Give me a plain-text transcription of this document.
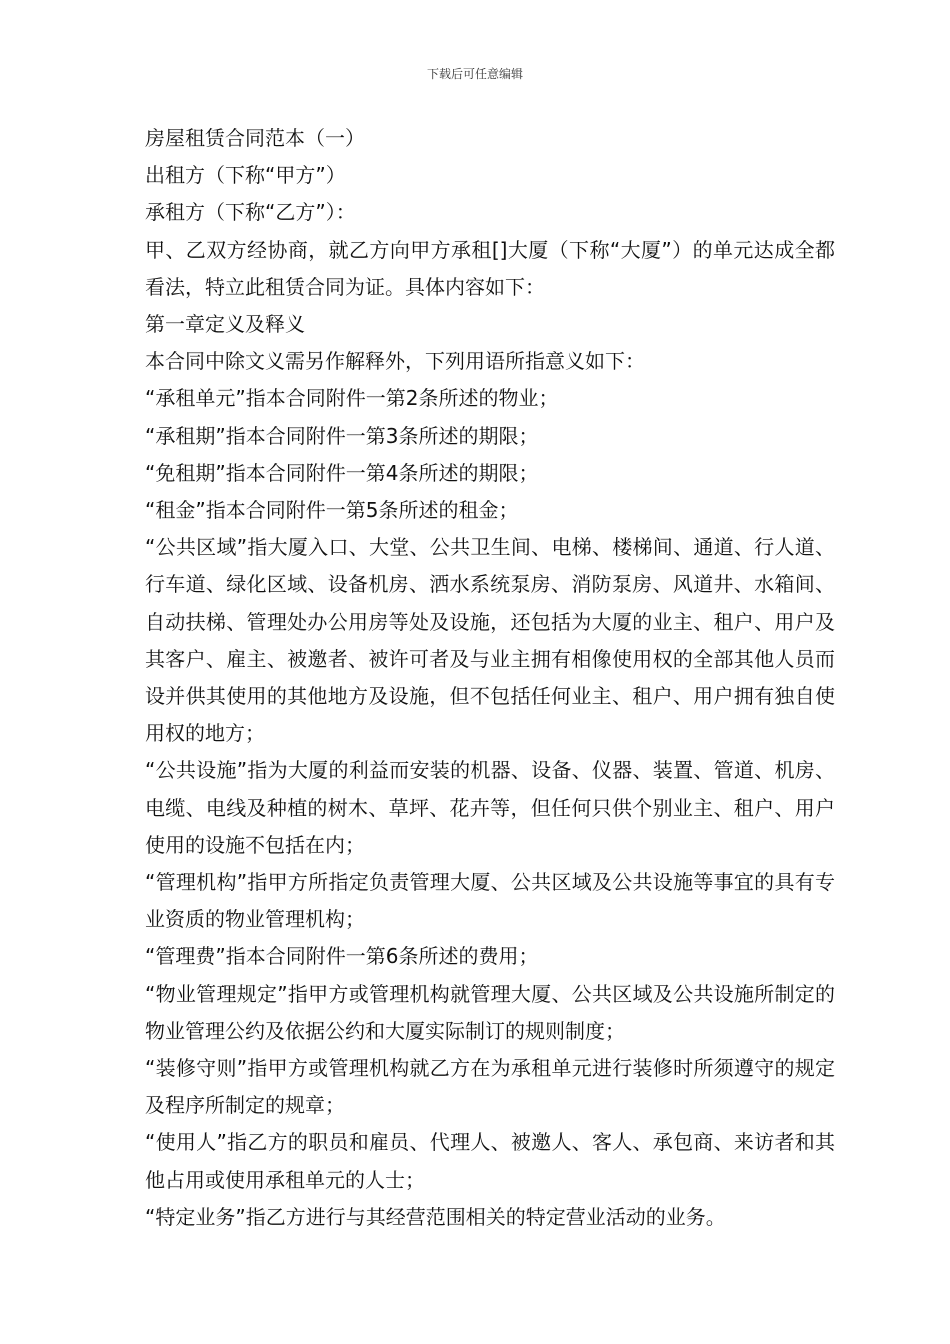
下载后可任意编辑

房屋租赁合同范本（一）

出租方（下称“甲方”）

承租方（下称“乙方”）：

甲、乙双方经协商，就乙方向甲方承租[]大厦（下称“大厦”）的单元达成全都看法，特立此租赁合同为证。具体内容如下：

第一章定义及释义

本合同中除文义需另作解释外，下列用语所指意义如下：

“承租单元”指本合同附件一第2条所述的物业；

“承租期”指本合同附件一第3条所述的期限；

“免租期”指本合同附件一第4条所述的期限；

“租金”指本合同附件一第5条所述的租金；

“公共区域”指大厦入口、大堂、公共卫生间、电梯、楼梯间、通道、行人道、行车道、绿化区域、设备机房、洒水系统泵房、消防泵房、风道井、水箱间、自动扶梯、管理处办公用房等处及设施，还包括为大厦的业主、租户、用户及其客户、雇主、被邀者、被许可者及与业主拥有相像使用权的全部其他人员而设并供其使用的其他地方及设施，但不包括任何业主、租户、用户拥有独自使用权的地方；

“公共设施”指为大厦的利益而安装的机器、设备、仪器、装置、管道、机房、电缆、电线及种植的树木、草坪、花卉等，但任何只供个别业主、租户、用户使用的设施不包括在内；

“管理机构”指甲方所指定负责管理大厦、公共区域及公共设施等事宜的具有专业资质的物业管理机构；

“管理费”指本合同附件一第6条所述的费用；

“物业管理规定”指甲方或管理机构就管理大厦、公共区域及公共设施所制定的物业管理公约及依据公约和大厦实际制订的规则制度；

“装修守则”指甲方或管理机构就乙方在为承租单元进行装修时所须遵守的规定及程序所制定的规章；

“使用人”指乙方的职员和雇员、代理人、被邀人、客人、承包商、来访者和其他占用或使用承租单元的人士；

“特定业务”指乙方进行与其经营范围相关的特定营业活动的业务。
